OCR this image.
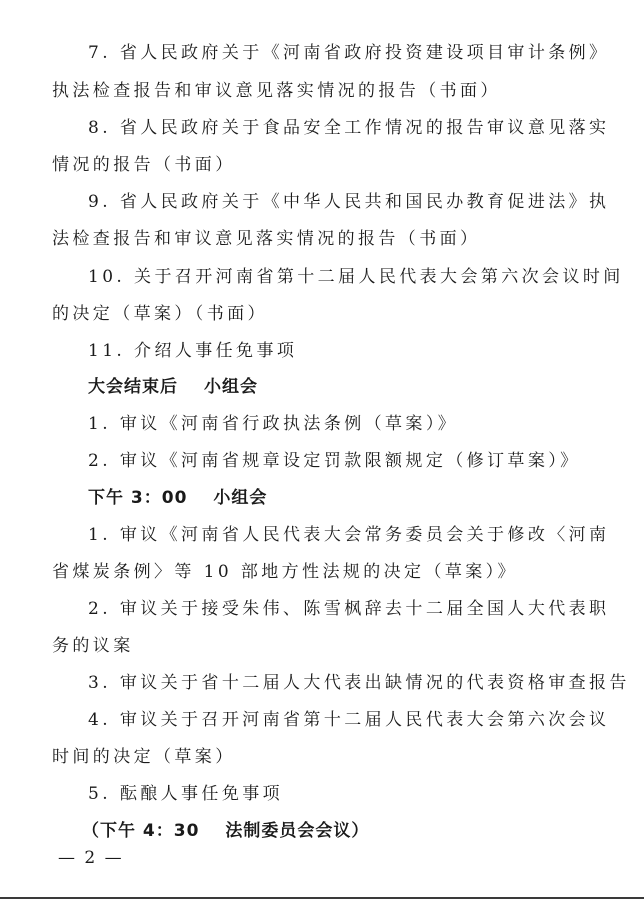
7. 省人民政府关于《河南省政府投资建设项目审计条例》
执法检查报告和审议意见落实情况的报告（书面）
8. 省人民政府关于食品安全工作情况的报告审议意见落实
情况的报告（书面）
9. 省人民政府关于《中华人民共和国民办教育促进法》执
法检查报告和审议意见落实情况的报告（书面）
10. 关于召开河南省第十二届人民代表大会第六次会议时间
的决定（草案）（书面）
11. 介绍人事任免事项
大会结束后 小组会
1. 审议《河南省行政执法条例（草案）》
2. 审议《河南省规章设定罚款限额规定（修订草案）》
下午 3：00 小组会
1. 审议《河南省人民代表大会常务委员会关于修改〈河南
省煤炭条例〉等 10 部地方性法规的决定（草案）》
2. 审议关于接受朱伟、陈雪枫辞去十二届全国人大代表职
务的议案
3. 审议关于省十二届人大代表出缺情况的代表资格审查报告
4. 审议关于召开河南省第十二届人民代表大会第六次会议
时间的决定（草案）
5. 酝酿人事任免事项
（下午 4：30 法制委员会会议）
— 2 —
